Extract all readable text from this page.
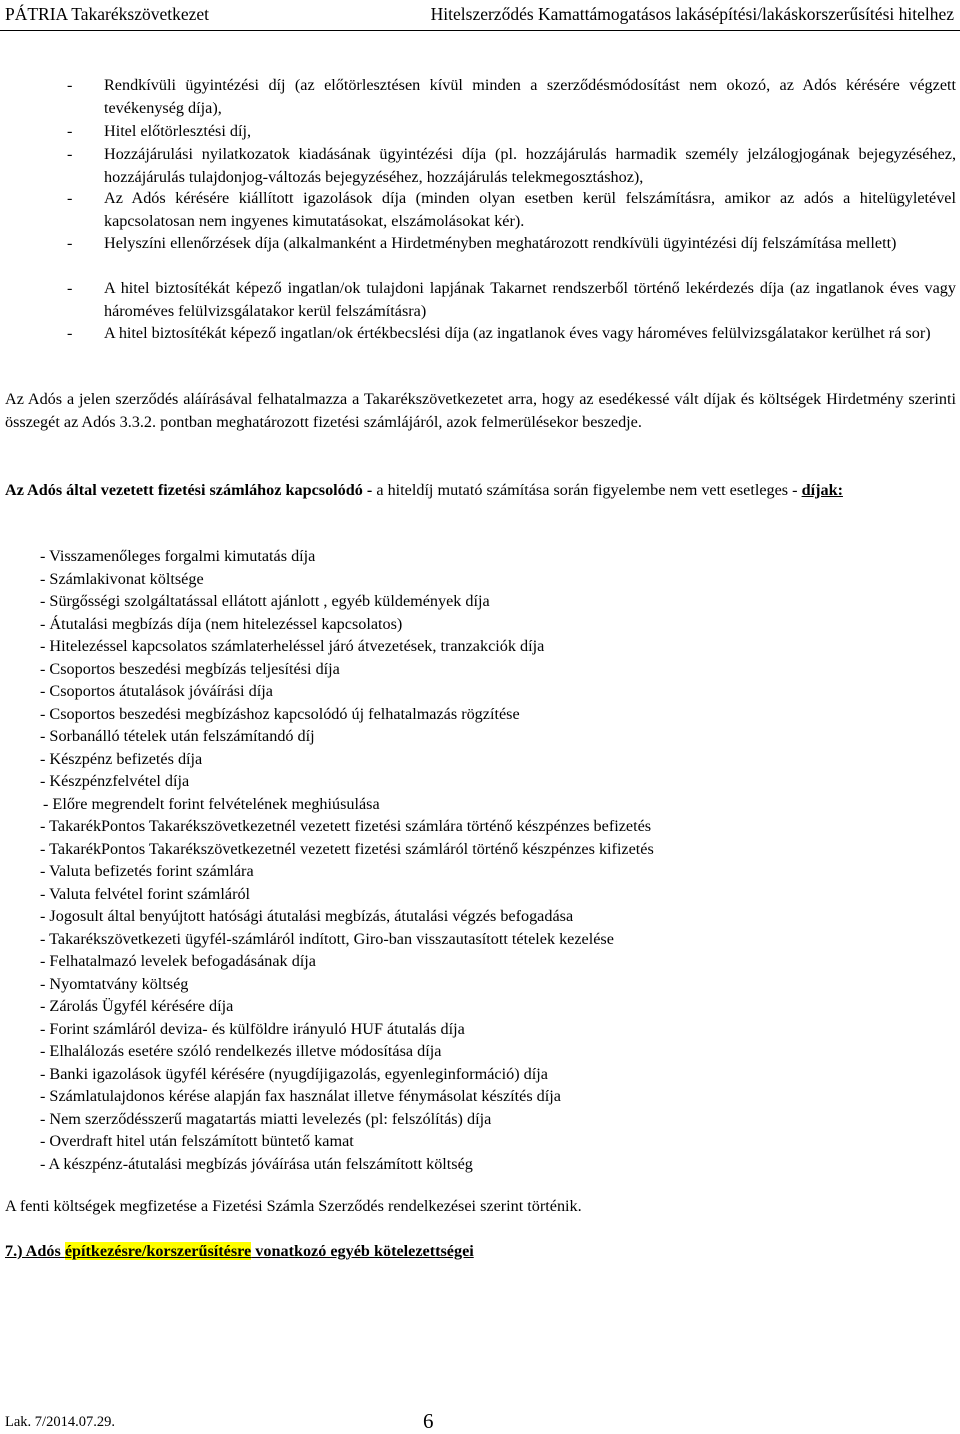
PÁTRIA Takarékszövetkezet	Hitelszerződés Kamattámogatásos lakásépítési/lakáskorszerűsítési hitelhez
- Rendkívüli ügyintézési díj (az előtörlesztésen kívül minden a szerződésmódosítást nem okozó, az Adós kérésére végzett tevékenység díja),
- Hitel előtörlesztési díj,
- Hozzájárulási nyilatkozatok kiadásának ügyintézési díja (pl. hozzájárulás harmadik személy jelzálogjogának bejegyzéséhez, hozzájárulás tulajdonjog-változás bejegyzéséhez, hozzájárulás telekmegosztáshoz),
- Az Adós kérésére kiállított igazolások díja (minden olyan esetben kerül felszámításra, amikor az adós a hitelügyletével kapcsolatosan nem ingyenes kimutatásokat, elszámolásokat kér).
- Helyszíni ellenőrzések díja (alkalmanként a Hirdetményben meghatározott rendkívüli ügyintézési díj felszámítása mellett)
- A hitel biztosítékát képező ingatlan/ok tulajdoni lapjának Takarnet rendszerből történő lekérdezés díja (az ingatlanok éves vagy hároméves felülvizsgálatakor kerül felszámításra)
- A hitel biztosítékát képező ingatlan/ok értékbecslési díja (az ingatlanok éves vagy hároméves felülvizsgálatakor kerülhet rá sor)
Az Adós a jelen szerződés aláírásával felhatalmazza a Takarékszövetkezetet arra, hogy az esedékessé vált díjak és költségek Hirdetmény szerinti összegét az Adós 3.3.2. pontban meghatározott fizetési számlájáról, azok felmerülésekor beszedje.
Az Adós által vezetett fizetési számlához kapcsolódó - a hiteldíj mutató számítása során figyelembe nem vett esetleges - díjak:
- Visszamenőleges forgalmi kimutatás díja
- Számlakivonat költsége
- Sürgősségi szolgáltatással ellátott ajánlott , egyéb küldemények díja
- Átutalási megbízás díja (nem hitelezéssel kapcsolatos)
- Hitelezéssel kapcsolatos számlaterheléssel járó átvezetések, tranzakciók díja
- Csoportos beszedési megbízás teljesítési díja
- Csoportos átutalások jóváírási díja
- Csoportos beszedési megbízáshoz kapcsolódó új felhatalmazás rögzítése
- Sorbanálló tételek után felszámítandó díj
- Készpénz befizetés díja
- Készpénzfelvétel díja
- Előre megrendelt forint felvételének meghiúsulása
- TakarékPontos Takarékszövetkezetnél vezetett fizetési számlára történő készpénzes befizetés
- TakarékPontos Takarékszövetkezetnél vezetett fizetési számláról történő készpénzes kifizetés
- Valuta befizetés forint számlára
- Valuta felvétel forint számláról
- Jogosult által benyújtott hatósági átutalási megbízás, átutalási végzés befogadása
- Takarékszövetkezeti ügyfél-számláról indított, Giro-ban visszautasított tételek kezelése
- Felhatalmazó levelek befogadásának díja
- Nyomtatvány költség
- Zárolás Ügyfél kérésére díja
- Forint számláról deviza- és külföldre irányuló HUF átutalás díja
- Elhalálozás esetére szóló rendelkezés illetve módosítása díja
- Banki igazolások ügyfél kérésére (nyugdíjigazolás, egyenleginformáció) díja
- Számlatulajdonos kérése alapján fax használat illetve fénymásolat készítés díja
- Nem szerződésszerű magatartás miatti levelezés (pl: felszólítás) díja
- Overdraft hitel után felszámított büntető kamat
- A készpénz-átutalási megbízás jóváírása után felszámított költség
A fenti költségek megfizetése a Fizetési Számla Szerződés rendelkezései szerint történik.
7.) Adós építkezésre/korszerűsítésre vonatkozó egyéb kötelezettségei
Lak. 7/2014.07.29.	6
